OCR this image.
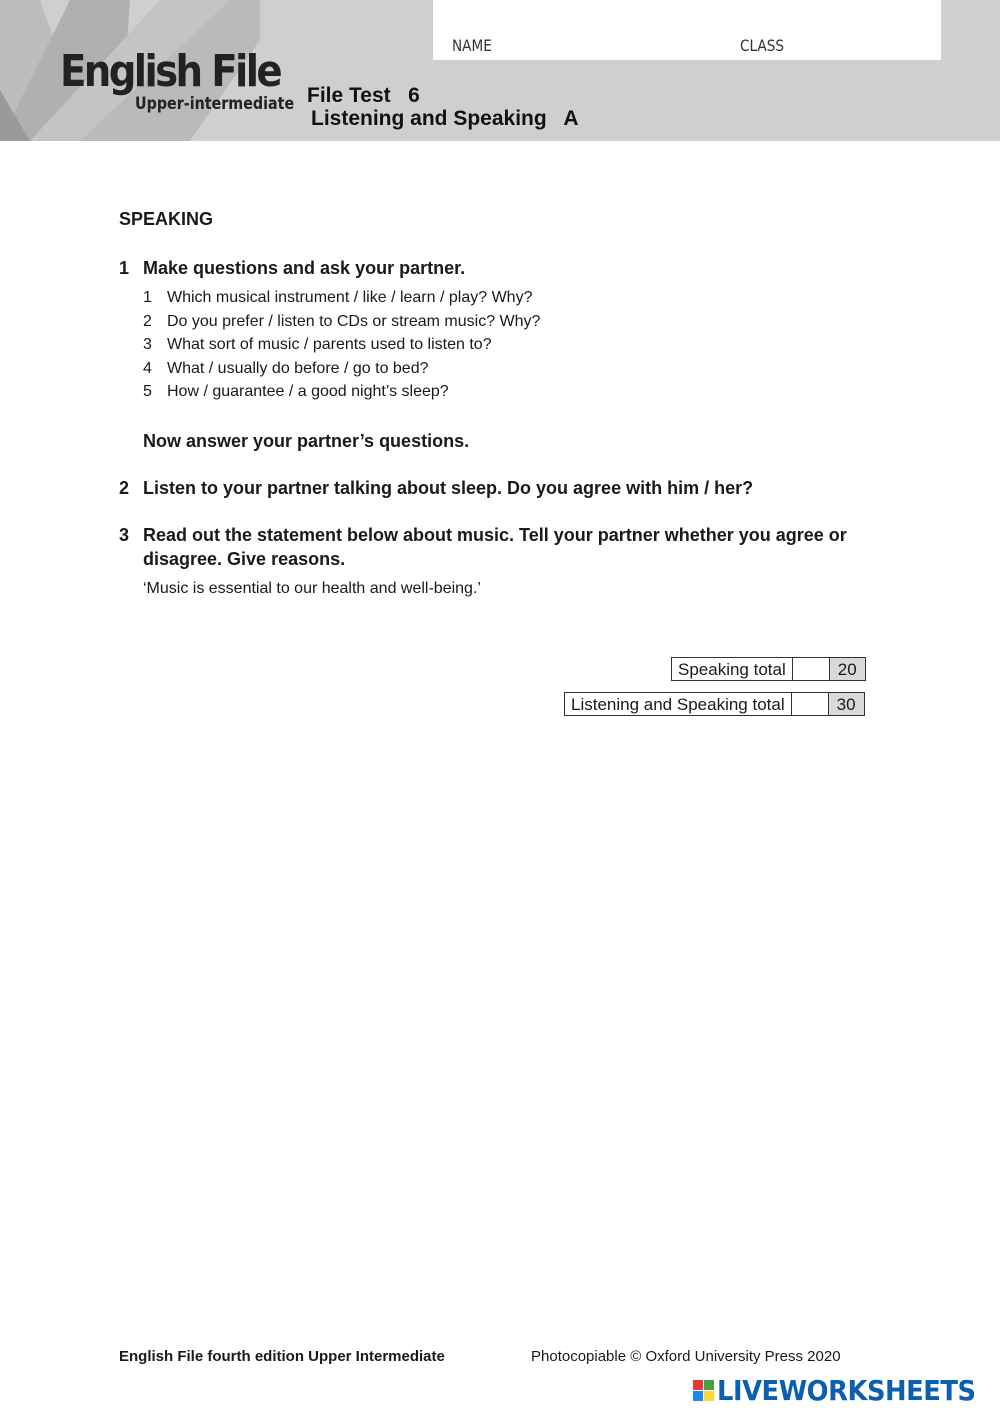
NAME	CLASS
English File
Upper-intermediate File Test   6
Listening and Speaking   A
SPEAKING
1 Make questions and ask your partner.
1 Which musical instrument / like / learn / play? Why?
2 Do you prefer / listen to CDs or stream music? Why?
3 What sort of music / parents used to listen to?
4 What / usually do before / go to bed?
5 How / guarantee / a good night’s sleep?
Now answer your partner’s questions.
2 Listen to your partner talking about sleep. Do you agree with him / her?
3 Read out the statement below about music. Tell your partner whether you agree or disagree. Give reasons.
‘Music is essential to our health and well-being.’
Speaking total	20
Listening and Speaking total	30
English File fourth edition Upper Intermediate	Photocopiable © Oxford University Press 2020
LIVEWORKSHEETS
